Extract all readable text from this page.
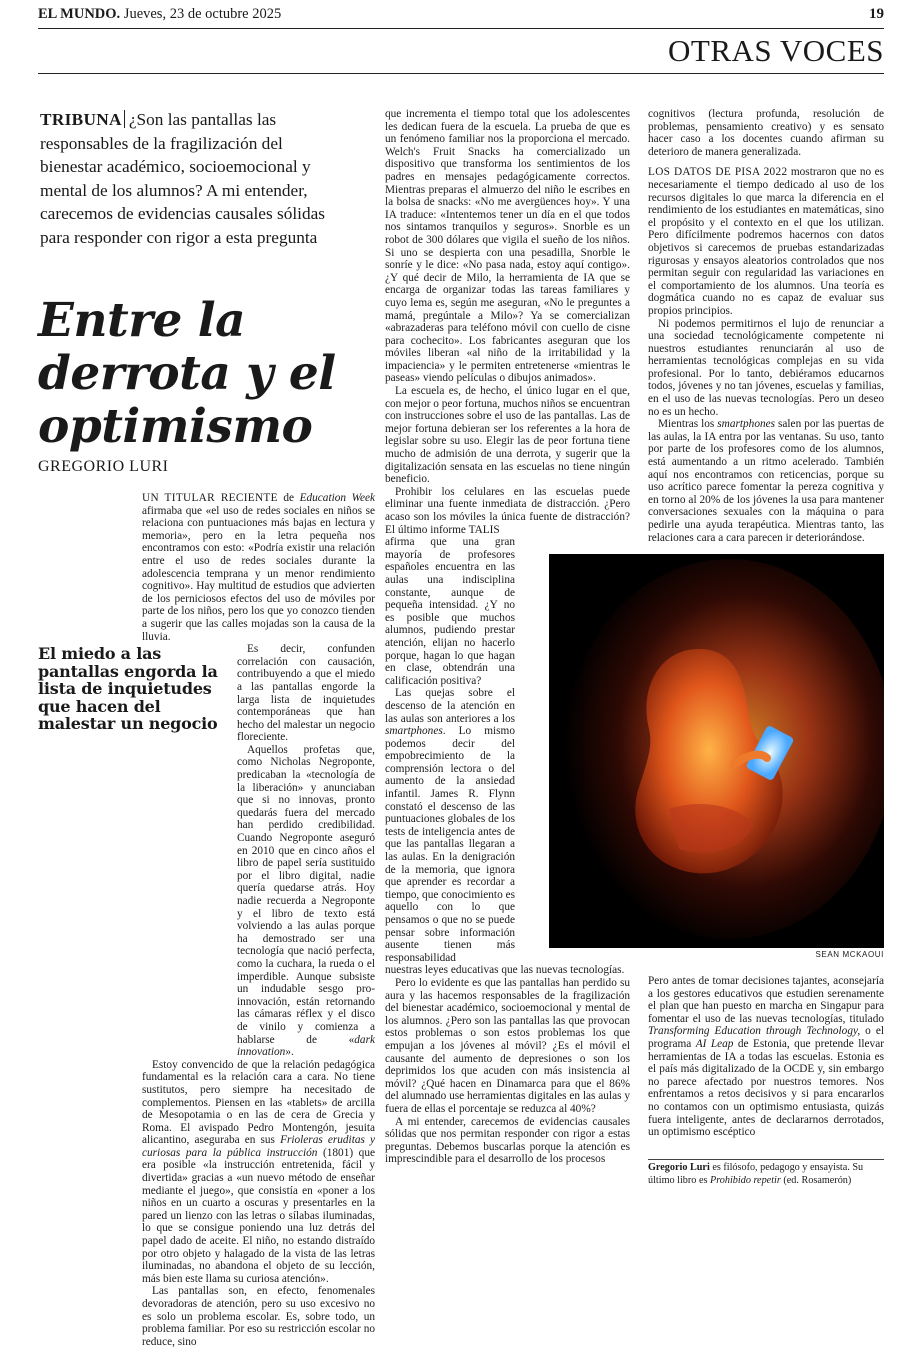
EL MUNDO. Jueves, 23 de octubre 2025	19
OTRAS VOCES
TRIBUNA ¿Son las pantallas las responsables de la fragilización del bienestar académico, socioemocional y mental de los alumnos? A mi entender, carecemos de evidencias causales sólidas para responder con rigor a esta pregunta
Entre la derrota y el optimismo
GREGORIO LURI
El miedo a las pantallas engorda la lista de inquietudes que hacen del malestar un negocio

UN TITULAR RECIENTE de Education Week afirmaba que «el uso de redes sociales en niños se relaciona con puntuaciones más bajas en lectura y memoria», pero en la letra pequeña nos encontramos con esto: «Podría existir una relación entre el uso de redes sociales durante la adolescencia temprana y un menor rendimiento cognitivo». Hay multitud de estudios que advierten de los perniciosos efectos del uso de móviles por parte de los niños, pero los que yo conozco tienden a sugerir que las calles mojadas son la causa de la lluvia.

Es decir, confunden correlación con causación, contribuyendo a que el miedo a las pantallas engorde la larga lista de inquietudes contemporáneas que han hecho del malestar un negocio floreciente.

Aquellos profetas que, como Nicholas Negroponte, predicaban la «tecnología de la liberación» y anunciaban que si no innovas, pronto quedarás fuera del mercado han perdido credibilidad. Cuando Negroponte aseguró en 2010 que en cinco años el libro de papel sería sustituido por el libro digital, nadie quería quedarse atrás. Hoy nadie recuerda a Negroponte y el libro de texto está volviendo a las aulas porque ha demostrado ser una tecnología que nació perfecta, como la cuchara, la rueda o el imperdible. Aunque subsiste un indudable sesgo pro-innovación, están retornando las cámaras réflex y el disco de vinilo y comienza a hablarse de «dark innovation».

Estoy convencido de que la relación pedagógica fundamental es la relación cara a cara. No tiene sustitutos, pero siempre ha necesitado de complementos. Piensen en las «tablets» de arcilla de Mesopotamia o en las de cera de Grecia y Roma. El avispado Pedro Montengón, jesuita alicantino, aseguraba en sus Frioleras eruditas y curiosas para la pública instrucción (1801) que era posible «la instrucción entretenida, fácil y divertida» gracias a «un nuevo método de enseñar mediante el juego», que consistía en «poner a los niños en un cuarto a oscuras y presentarles en la pared un lienzo con las letras o sílabas iluminadas, lo que se consigue poniendo una luz detrás del papel dado de aceite. El niño, no estando distraído por otro objeto y halagado de la vista de las letras iluminadas, no abandona el objeto de su lección, más bien este llama su curiosa atención».

Las pantallas son, en efecto, fenomenales devoradoras de atención, pero su uso excesivo no es solo un problema escolar. Es, sobre todo, un problema familiar. Por eso su restricción escolar no reduce, sino

que incrementa el tiempo total que los adolescentes les dedican fuera de la escuela. La prueba de que es un fenómeno familiar nos la proporciona el mercado. Welch's Fruit Snacks ha comercializado un dispositivo que transforma los sentimientos de los padres en mensajes pedagógicamente correctos. Mientras preparas el almuerzo del niño le escribes en la bolsa de snacks: «No me avergüences hoy». Y una IA traduce: «Intentemos tener un día en el que todos nos sintamos tranquilos y seguros». Snorble es un robot de 300 dólares que vigila el sueño de los niños. Si uno se despierta con una pesadilla, Snorble le sonríe y le dice: «No pasa nada, estoy aquí contigo». ¿Y qué decir de Milo, la herramienta de IA que se encarga de organizar todas las tareas familiares y cuyo lema es, según me aseguran, «No le preguntes a mamá, pregúntale a Milo»? Ya se comercializan «abrazaderas para teléfono móvil con cuello de cisne para cochecito». Los fabricantes aseguran que los móviles liberan «al niño de la irritabilidad y la impaciencia» y le permiten entretenerse «mientras le paseas» viendo películas o dibujos animados».

La escuela es, de hecho, el único lugar en el que, con mejor o peor fortuna, muchos niños se encuentran con instrucciones sobre el uso de las pantallas. Las de mejor fortuna debieran ser los referentes a la hora de legislar sobre su uso. Elegir las de peor fortuna tiene mucho de admisión de una derrota, y sugerir que la digitalización sensata en las escuelas no tiene ningún beneficio.

Prohibir los celulares en las escuelas puede eliminar una fuente inmediata de distracción. ¿Pero acaso son los móviles la única fuente de distracción? El último informe TALIS

afirma que una gran mayoría de profesores españoles encuentra en las aulas una indisciplina constante, aunque de pequeña intensidad. ¿Y no es posible que muchos alumnos, pudiendo prestar atención, elijan no hacerlo porque, hagan lo que hagan en clase, obtendrán una calificación positiva?

Las quejas sobre el descenso de la atención en las aulas son anteriores a los smartphones. Lo mismo podemos decir del empobrecimiento de la comprensión lectora o del aumento de la ansiedad infantil. James R. Flynn constató el descenso de las puntuaciones globales de los tests de inteligencia antes de que las pantallas llegaran a las aulas. En la denigración de la memoria, que ignora que aprender es recordar a tiempo, que conocimiento es aquello con lo que pensamos o que no se puede pensar sobre información ausente tienen más responsabilidad

nuestras leyes educativas que las nuevas tecnologías.

Pero lo evidente es que las pantallas han perdido su aura y las hacemos responsables de la fragilización del bienestar académico, socioemocional y mental de los alumnos. ¿Pero son las pantallas las que provocan estos problemas o son estos problemas los que empujan a los jóvenes al móvil? ¿Es el móvil el causante del aumento de depresiones o son los deprimidos los que acuden con más insistencia al móvil? ¿Qué hacen en Dinamarca para que el 86% del alumnado use herramientas digitales en las aulas y fuera de ellas el porcentaje se reduzca al 40%?

A mi entender, carecemos de evidencias causales sólidas que nos permitan responder con rigor a estas preguntas. Debemos buscarlas porque la atención es imprescindible para el desarrollo de los procesos

cognitivos (lectura profunda, resolución de problemas, pensamiento creativo) y es sensato hacer caso a los docentes cuando afirman su deterioro de manera generalizada.

LOS DATOS DE PISA 2022 mostraron que no es necesariamente el tiempo dedicado al uso de los recursos digitales lo que marca la diferencia en el rendimiento de los estudiantes en matemáticas, sino el propósito y el contexto en el que los utilizan. Pero difícilmente podremos hacernos con datos objetivos si carecemos de pruebas estandarizadas rigurosas y ensayos aleatorios controlados que nos permitan seguir con regularidad las variaciones en el comportamiento de los alumnos. Una teoría es dogmática cuando no es capaz de evaluar sus propios principios.

Ni podemos permitirnos el lujo de renunciar a una sociedad tecnológicamente competente ni nuestros estudiantes renunciarán al uso de herramientas tecnológicas complejas en su vida profesional. Por lo tanto, debiéramos educarnos todos, jóvenes y no tan jóvenes, escuelas y familias, en el uso de las nuevas tecnologías. Pero un deseo no es un hecho.

Mientras los smartphones salen por las puertas de las aulas, la IA entra por las ventanas. Su uso, tanto por parte de los profesores como de los alumnos, está aumentando a un ritmo acelerado. También aquí nos encontramos con reticencias, porque su uso acrítico parece fomentar la pereza cognitiva y en torno al 20% de los jóvenes la usa para mantener conversaciones sexuales con la máquina o para pedirle una ayuda terapéutica. Mientras tanto, las relaciones cara a cara parecen ir deteriorándose.

SEAN MCKAOUI

Pero antes de tomar decisiones tajantes, aconsejaría a los gestores educativos que estudien serenamente el plan que han puesto en marcha en Singapur para fomentar el uso de las nuevas tecnologías, titulado Transforming Education through Technology, o el programa AI Leap de Estonia, que pretende llevar herramientas de IA a todas las escuelas. Estonia es el país más digitalizado de la OCDE y, sin embargo no parece afectado por nuestros temores. Nos enfrentamos a retos decisivos y si para encararlos no contamos con un optimismo entusiasta, quizás fuera inteligente, antes de declararnos derrotados, un optimismo escéptico

Gregorio Luri es filósofo, pedagogo y ensayista. Su último libro es Prohibido repetir (ed. Rosamerón)
